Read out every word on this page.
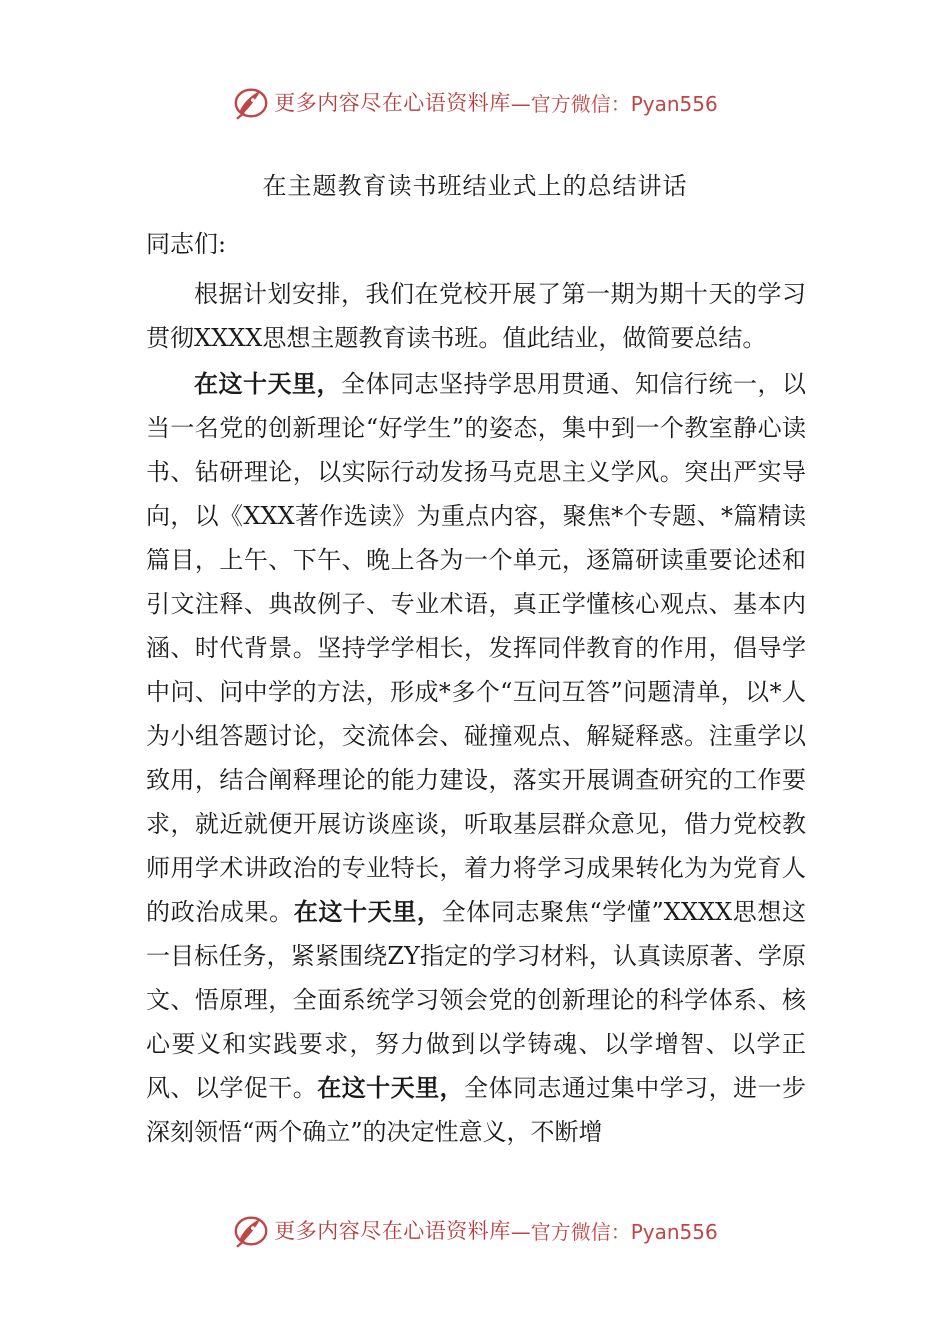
更多内容尽在心语资料库 —官方微信：Pyan556
在主题教育读书班结业式上的总结讲话
同志们:

根据计划安排，我们在党校开展了第一期为期十天的学习贯彻XXXX思想主题教育读书班。值此结业，做简要总结。

在这十天里，全体同志坚持学思用贯通、知信行统一，以当一名党的创新理论“好学生”的姿态，集中到一个教室静心读书、钻研理论，以实际行动发扬马克思主义学风。突出严实导向，以《XXX著作选读》为重点内容，聚焦*个专题、*篇精读篇目，上午、下午、晚上各为一个单元，逐篇研读重要论述和引文注释、典故例子、专业术语，真正学懂核心观点、基本内涵、时代背景。坚持学学相长，发挥同伴教育的作用，倡导学中问、问中学的方法，形成*多个“互问互答”问题清单，以*人为小组答题讨论，交流体会、碰撞观点、解疑释惑。注重学以致用，结合阐释理论的能力建设，落实开展调查研究的工作要求，就近就便开展访谈座谈，听取基层群众意见，借力党校教师用学术讲政治的专业特长，着力将学习成果转化为为党育人的政治成果。在这十天里，全体同志聚焦“学懂”XXXX思想这一目标任务，紧紧围绕ZY指定的学习材料，认真读原著、学原文、悟原理，全面系统学习领会党的创新理论的科学体系、核心要义和实践要求，努力做到以学铸魂、以学增智、以学正风、以学促干。在这十天里，全体同志通过集中学习，进一步深刻领悟“两个确立”的决定性意义，不断增

更多内容尽在心语资料库 —官方微信：Pyan556
